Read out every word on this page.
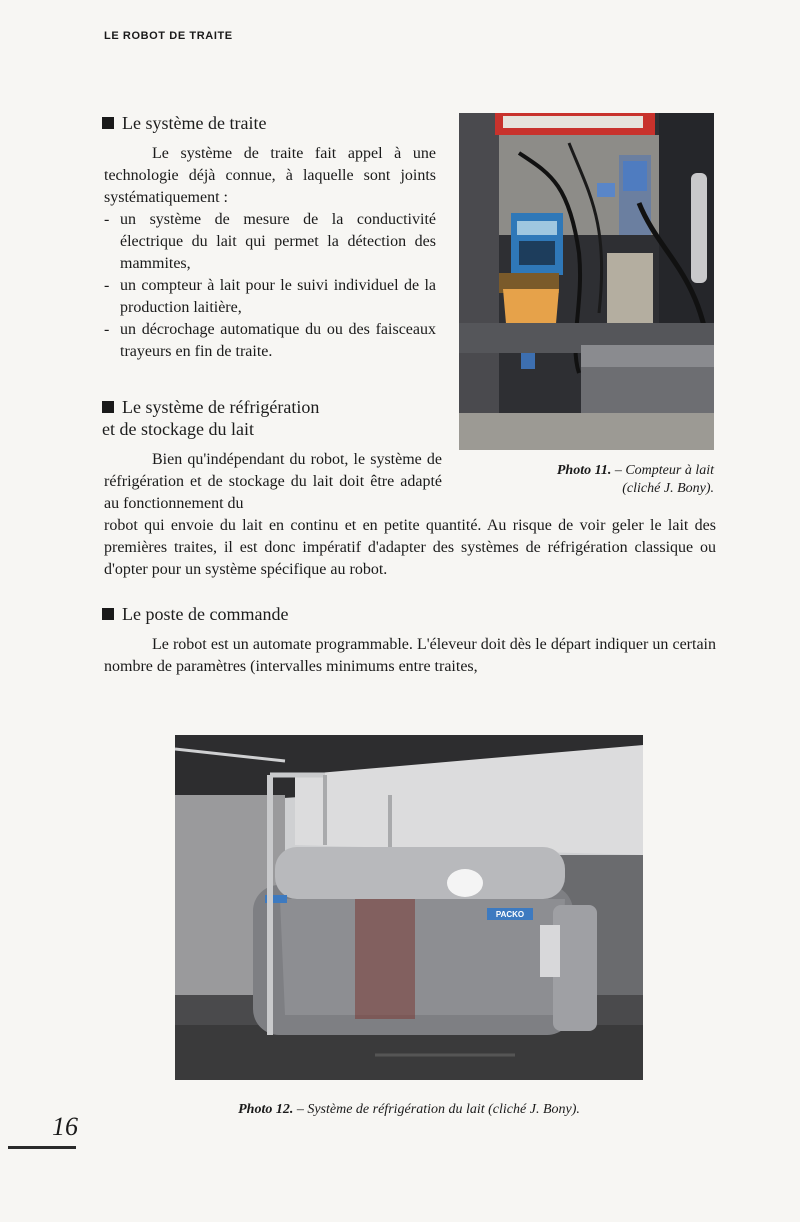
LE ROBOT DE TRAITE
Le système de traite
Le système de traite fait appel à une technologie déjà connue, à laquelle sont joints systématiquement :
- un système de mesure de la conductivité électrique du lait qui permet la détection des mammites,
- un compteur à lait pour le suivi individuel de la production laitière,
- un décrochage automatique du ou des faisceaux trayeurs en fin de traite.
Le système de réfrigération
et de stockage du lait
Bien qu'indépendant du robot, le système de réfrigération et de stockage du lait doit être adapté au fonctionnement du
robot qui envoie du lait en continu et en petite quantité. Au risque de voir geler le lait des premières traites, il est donc impératif d'adapter des systèmes de réfrigération classique ou d'opter pour un système spécifique au robot.
Le poste de commande
Le robot est un automate programmable. L'éleveur doit dès le départ indiquer un certain nombre de paramètres (intervalles minimums entre traites,
Photo 11. – Compteur à lait
(cliché J. Bony).
PACKO
Photo 12. – Système de réfrigération du lait (cliché J. Bony).
16
